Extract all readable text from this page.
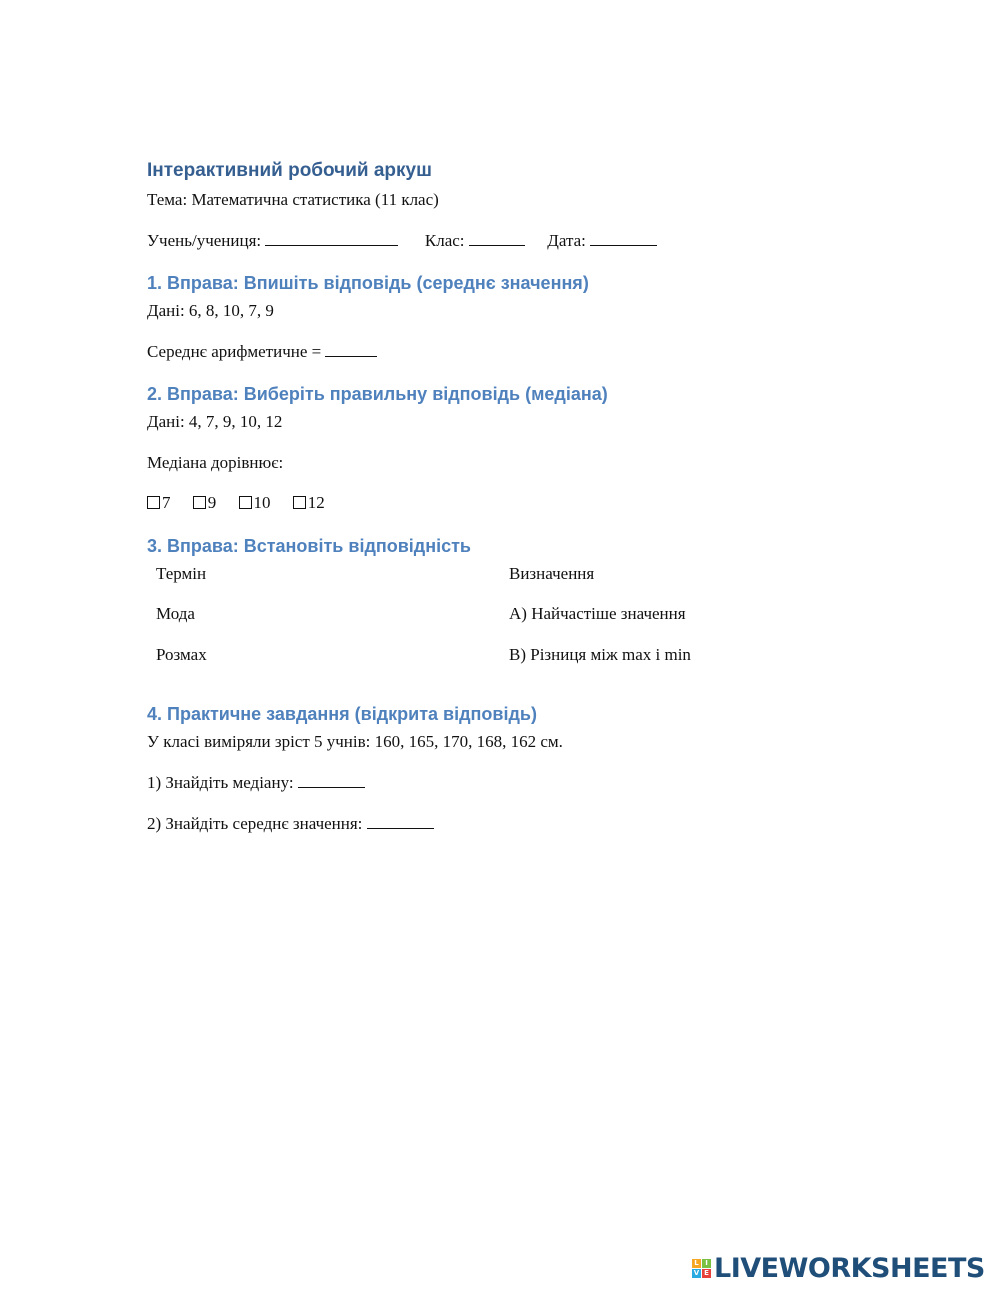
Інтерактивний робочий аркуш
Тема: Математична статистика (11 клас)
Учень/учениця:	Клас:	Дата:
1. Вправа: Впишіть відповідь (середнє значення)
Дані: 6, 8, 10, 7, 9
Середнє арифметичне =
2. Вправа: Виберіть правильну відповідь (медіана)
Дані: 4, 7, 9, 10, 12
Медіана дорівнює:
7 9 10 12
3. Вправа: Встановіть відповідність
Термін	Визначення
Мода	А) Найчастіше значення
Розмах	В) Різниця між max і min
4. Практичне завдання (відкрита відповідь)
У класі виміряли зріст 5 учнів: 160, 165, 170, 168, 162 см.
1) Знайдіть медіану:
2) Знайдіть середнє значення:
L I
V E LIVEWORKSHEETS
